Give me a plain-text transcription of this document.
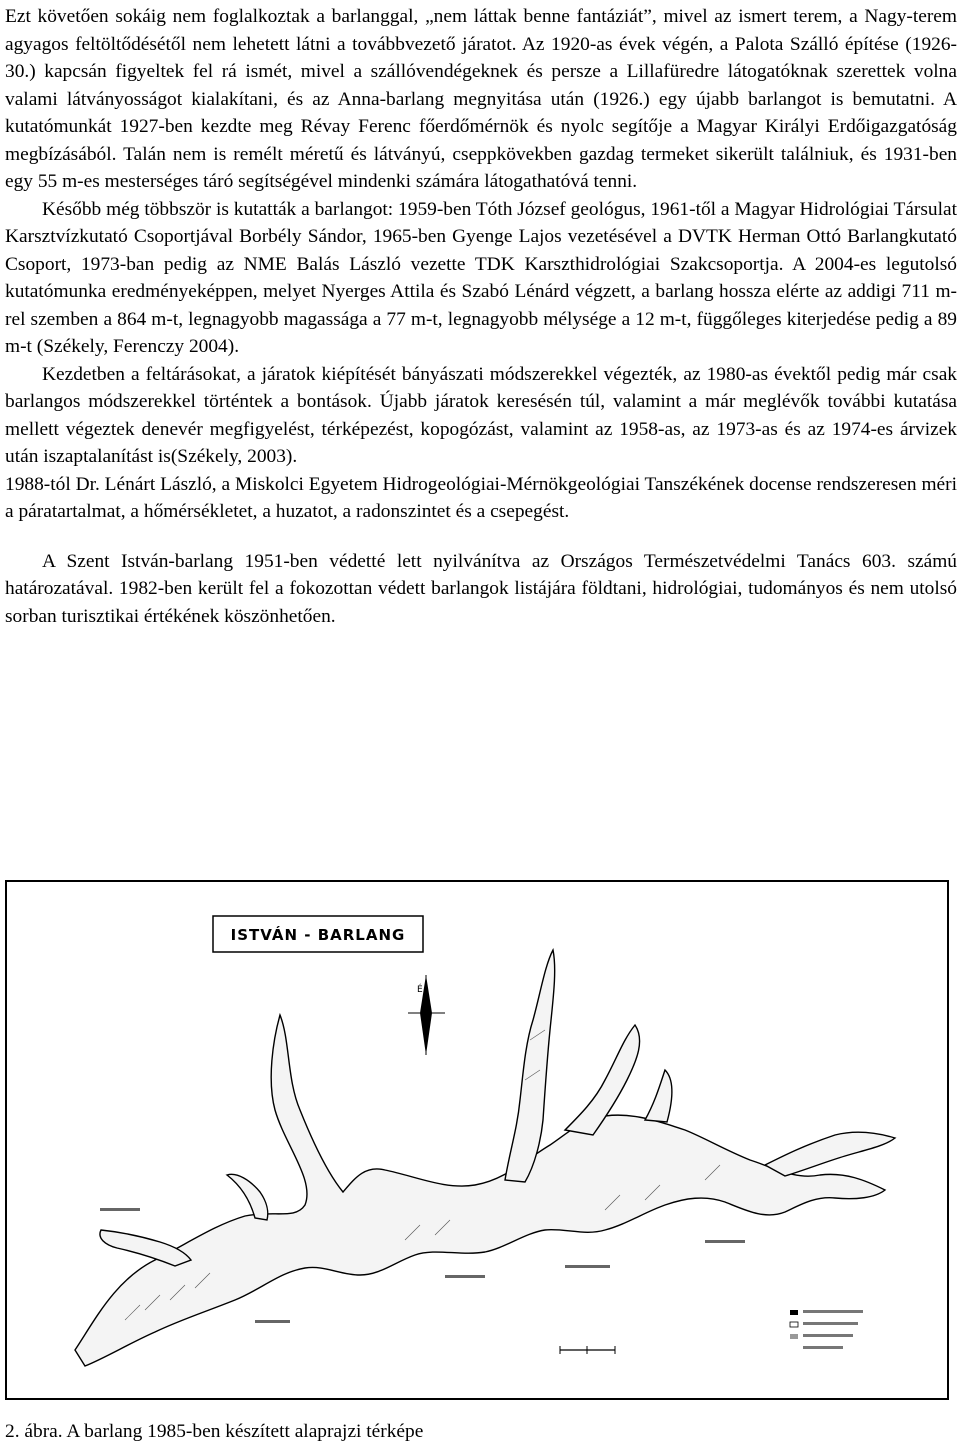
Ezt követően sokáig nem foglalkoztak a barlanggal, „nem láttak benne fantáziát”, mivel az ismert terem, a Nagy-terem agyagos feltöltődésétől nem lehetett látni a továbbvezető járatot. Az 1920-as évek végén, a Palota Szálló építése (1926-30.) kapcsán figyeltek fel rá ismét, mivel a szállóvendégeknek és persze a Lillafüredre látogatóknak szerettek volna valami látványosságot kialakítani, és az Anna-barlang megnyitása után (1926.) egy újabb barlangot is bemutatni. A kutatómunkát 1927-ben kezdte meg Révay Ferenc főerdőmérnök és nyolc segítője a Magyar Királyi Erdőigazgatóság megbízásából. Talán nem is remélt méretű és látványú, cseppkövekben gazdag termeket sikerült találniuk, és 1931-ben egy 55 m-es mesterséges táró segítségével mindenki számára látogathatóvá tenni.

Később még többször is kutatták a barlangot: 1959-ben Tóth József geológus, 1961-től a Magyar Hidrológiai Társulat Karsztvízkutató Csoportjával Borbély Sándor, 1965-ben Gyenge Lajos vezetésével a DVTK Herman Ottó Barlangkutató Csoport, 1973-ban pedig az NME Balás László vezette TDK Karszthidrológiai Szakcsoportja. A 2004-es legutolsó kutatómunka eredményeképpen, melyet Nyerges Attila és Szabó Lénárd végzett, a barlang hossza elérte az addigi 711 m-rel szemben a 864 m-t, legnagyobb magassága a 77 m-t, legnagyobb mélysége a 12 m-t, függőleges kiterjedése pedig a 89 m-t (Székely, Ferenczy 2004).

Kezdetben a feltárásokat, a járatok kiépítését bányászati módszerekkel végezték, az 1980-as évektől pedig már csak barlangos módszerekkel történtek a bontások. Újabb járatok keresésén túl, valamint a már meglévők további kutatása mellett végeztek denevér megfigyelést, térképezést, kopogózást, valamint az 1958-as, az 1973-as és az 1974-es árvizek után iszaptalanítást is(Székely, 2003).

1988-tól Dr. Lénárt László, a Miskolci Egyetem Hidrogeológiai-Mérnökgeológiai Tanszékének docense rendszeresen méri a páratartalmat, a hőmérsékletet, a huzatot, a radonszintet és a csepegést.

A Szent István-barlang 1951-ben védetté lett nyilvánítva az Országos Természetvédelmi Tanács 603. számú határozatával. 1982-ben került fel a fokozottan védett barlangok listájára földtani, hidrológiai, tudományos és nem utolsó sorban turisztikai értékének köszönhetően.

ISTVÁN - BARLANG
É
2. ábra. A barlang 1985-ben készített alaprajzi térképe
